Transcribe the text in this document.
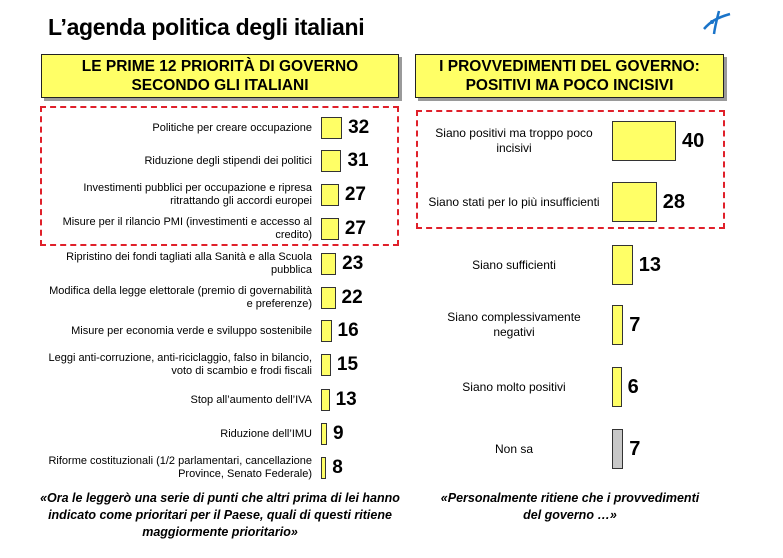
L’agenda politica degli italiani
LE PRIME 12 PRIORITÀ DI GOVERNO
SECONDO GLI ITALIANI
I PROVVEDIMENTI DEL GOVERNO:
POSITIVI MA POCO INCISIVI
Politiche per creare occupazione 32
Riduzione degli stipendi dei politici 31
Investimenti pubblici per occupazione e ripresa
ritrattando gli accordi europei 27
Misure per il rilancio PMI (investimenti e accesso al
credito) 27
Ripristino dei fondi tagliati alla Sanità e alla Scuola
pubblica 23
Modifica della legge elettorale (premio di governabilità
e preferenze) 22
Misure per economia verde e sviluppo sostenibile 16
Leggi anti-corruzione, anti-riciclaggio, falso in bilancio,
voto di scambio e frodi fiscali 15
Stop all’aumento dell’IVA 13
Riduzione dell’IMU 9
Riforme costituzionali (1/2 parlamentari, cancellazione
Province, Senato Federale) 8
Siano positivi ma troppo poco
incisivi	40
Siano stati per lo più insufficienti	28
Siano sufficienti	13
Siano complessivamente
negativi	7
Siano molto positivi	6
Non sa	7
«Ora le leggerò una serie di punti che altri prima di lei hanno
indicato come prioritari per il Paese, quali di questi ritiene
maggiormente prioritario»
«Personalmente ritiene che i provvedimenti
del governo …»
